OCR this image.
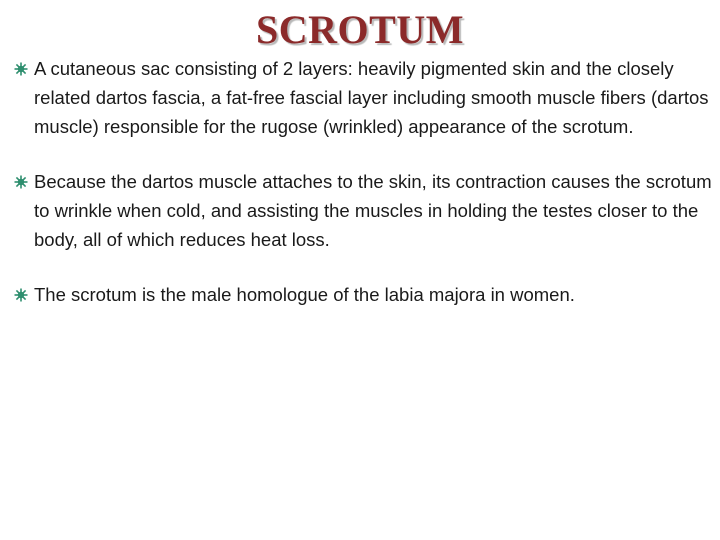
SCROTUM
A cutaneous sac consisting of 2 layers: heavily pigmented skin and the closely related dartos fascia, a fat-free fascial layer including smooth muscle fibers (dartos muscle) responsible for the rugose (wrinkled) appearance of the scrotum.
Because the dartos muscle attaches to the skin, its contraction causes the scrotum to wrinkle when cold, and assisting the muscles in holding the testes closer to the body, all of which reduces heat loss.
The scrotum is the male homologue of the labia majora in women.
